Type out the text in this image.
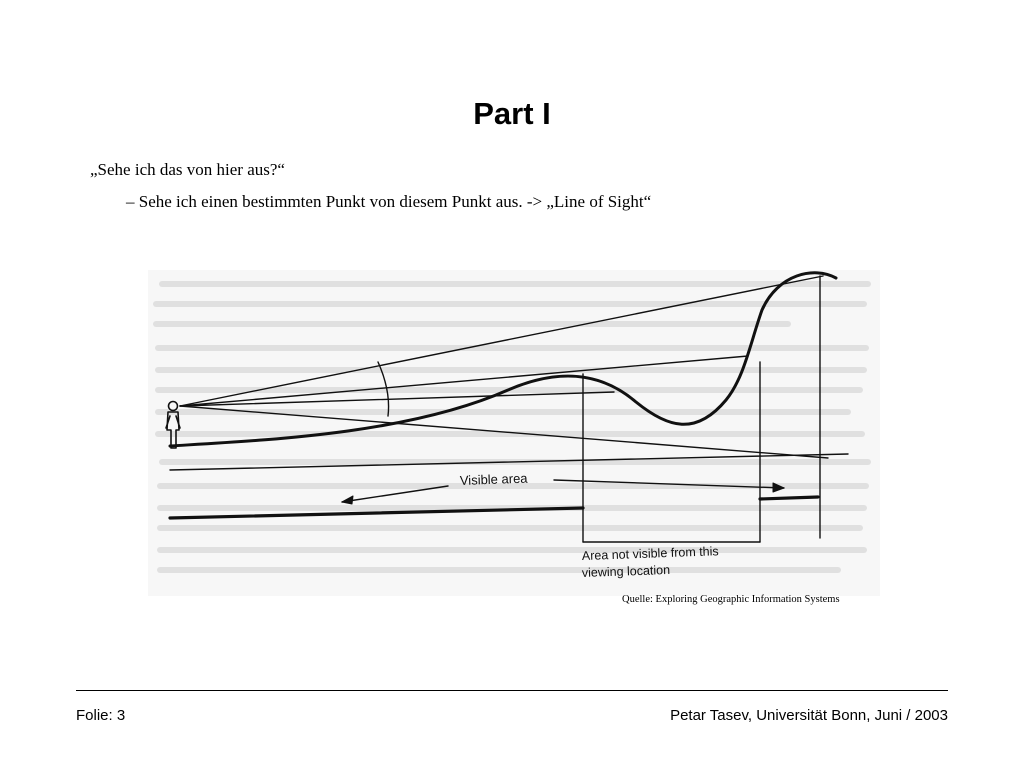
Part I
„Sehe ich das von hier aus?“
– Sehe ich einen bestimmten Punkt von diesem Punkt aus. -> „Line of Sight“
Visible area
Area not visible from this
viewing location
Quelle: Exploring Geographic Information Systems
Folie: 3	Petar Tasev, Universität Bonn, Juni / 2003
